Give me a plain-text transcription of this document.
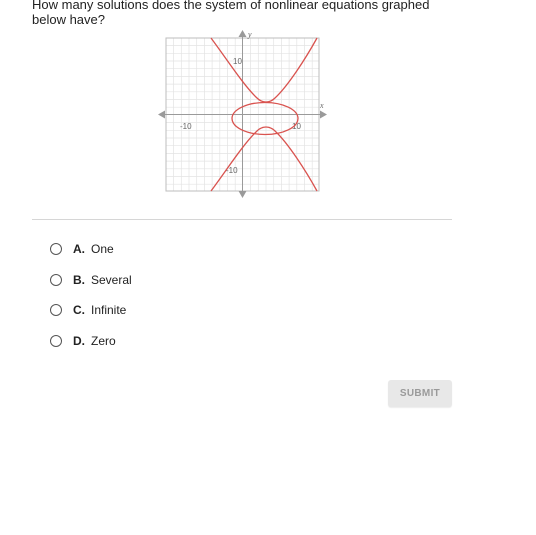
How many solutions does the system of nonlinear equations graphed below have?
10
-10
-10	10
y
x
A. One
B. Several
C. Infinite
D. Zero
SUBMIT
